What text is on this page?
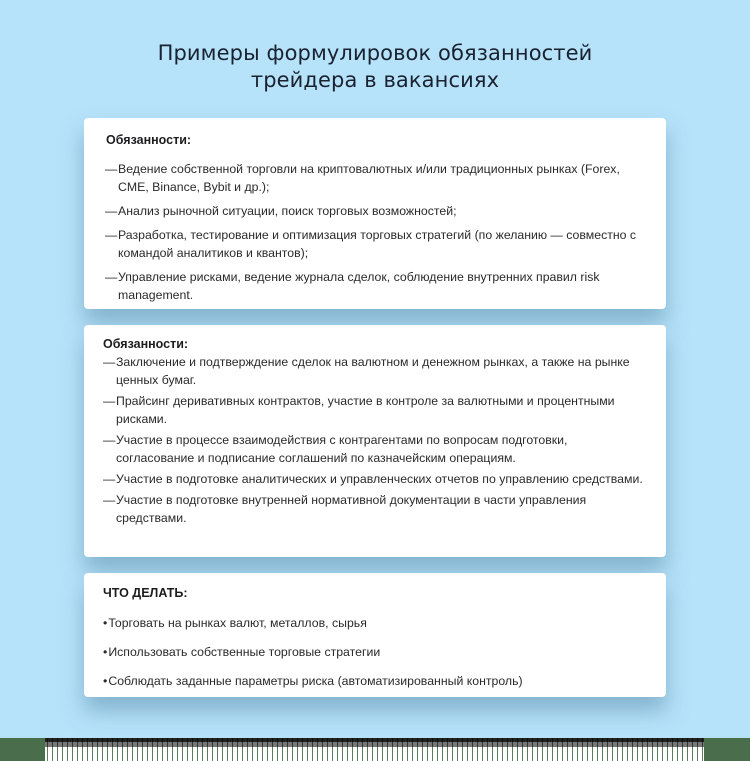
Примеры формулировок обязанностей
трейдера в вакансиях
Обязанности:
— Ведение собственной торговли на криптовалютных и/или традиционных рынках (Forex, CME, Binance, Bybit и др.);
— Анализ рыночной ситуации, поиск торговых возможностей;
— Разработка, тестирование и оптимизация торговых стратегий (по желанию — совместно с командой аналитиков и квантов);
— Управление рисками, ведение журнала сделок, соблюдение внутренних правил risk management.
Обязанности:
— Заключение и подтверждение сделок на валютном и денежном рынках, а также на рынке ценных бумаг.
— Прайсинг деривативных контрактов, участие в контроле за валютными и процентными рисками.
— Участие в процессе взаимодействия с контрагентами по вопросам подготовки, согласование и подписание соглашений по казначейским операциям.
— Участие в подготовке аналитических и управленческих отчетов по управлению средствами.
— Участие в подготовке внутренней нормативной документации в части управления средствами.
ЧТО ДЕЛАТЬ:
•Торговать на рынках валют, металлов, сырья
•Использовать собственные торговые стратегии
•Соблюдать заданные параметры риска (автоматизированный контроль)
